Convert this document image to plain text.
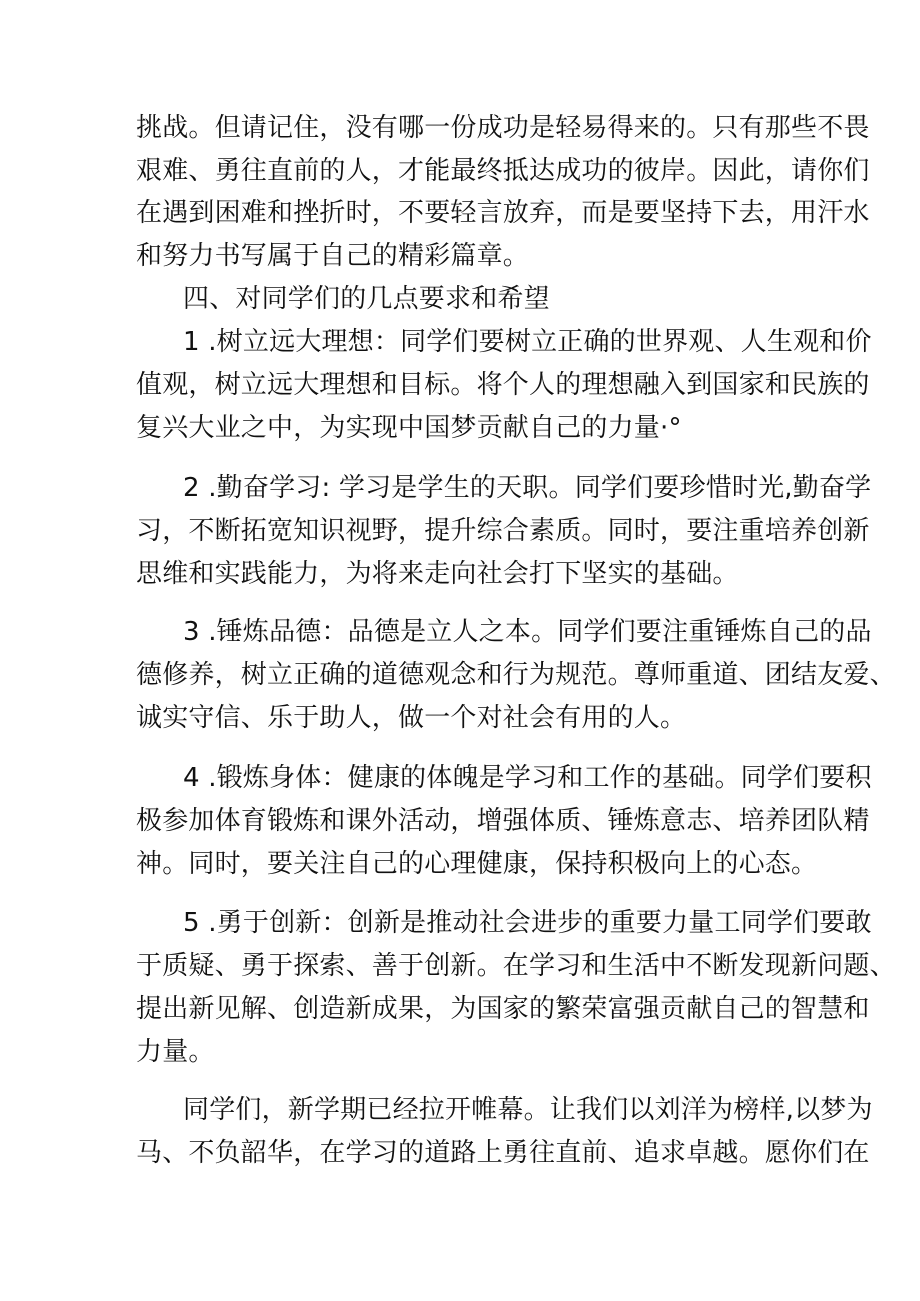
挑战。但请记住，没有哪一份成功是轻易得来的。只有那些不畏
艰难、勇往直前的人，才能最终抵达成功的彼岸。因此，请你们
在遇到困难和挫折时，不要轻言放弃，而是要坚持下去，用汗水
和努力书写属于自己的精彩篇章。
四、对同学们的几点要求和希望
1 .树立远大理想：同学们要树立正确的世界观、人生观和价
值观，树立远大理想和目标。将个人的理想融入到国家和民族的
复兴大业之中，为实现中国梦贡献自己的力量·°
2 .勤奋学习: 学习是学生的天职。同学们要珍惜时光,勤奋学
习，不断拓宽知识视野，提升综合素质。同时，要注重培养创新
思维和实践能力，为将来走向社会打下坚实的基础。
3 .锤炼品德：品德是立人之本。同学们要注重锤炼自己的品
德修养，树立正确的道德观念和行为规范。尊师重道、团结友爱、
诚实守信、乐于助人，做一个对社会有用的人。
4 .锻炼身体：健康的体魄是学习和工作的基础。同学们要积
极参加体育锻炼和课外活动，增强体质、锤炼意志、培养团队精
神。同时，要关注自己的心理健康，保持积极向上的心态。
5 .勇于创新：创新是推动社会进步的重要力量工同学们要敢
于质疑、勇于探索、善于创新。在学习和生活中不断发现新问题、
提出新见解、创造新成果，为国家的繁荣富强贡献自己的智慧和
力量。
同学们，新学期已经拉开帷幕。让我们以刘洋为榜样,以梦为
马、不负韶华，在学习的道路上勇往直前、追求卓越。愿你们在
